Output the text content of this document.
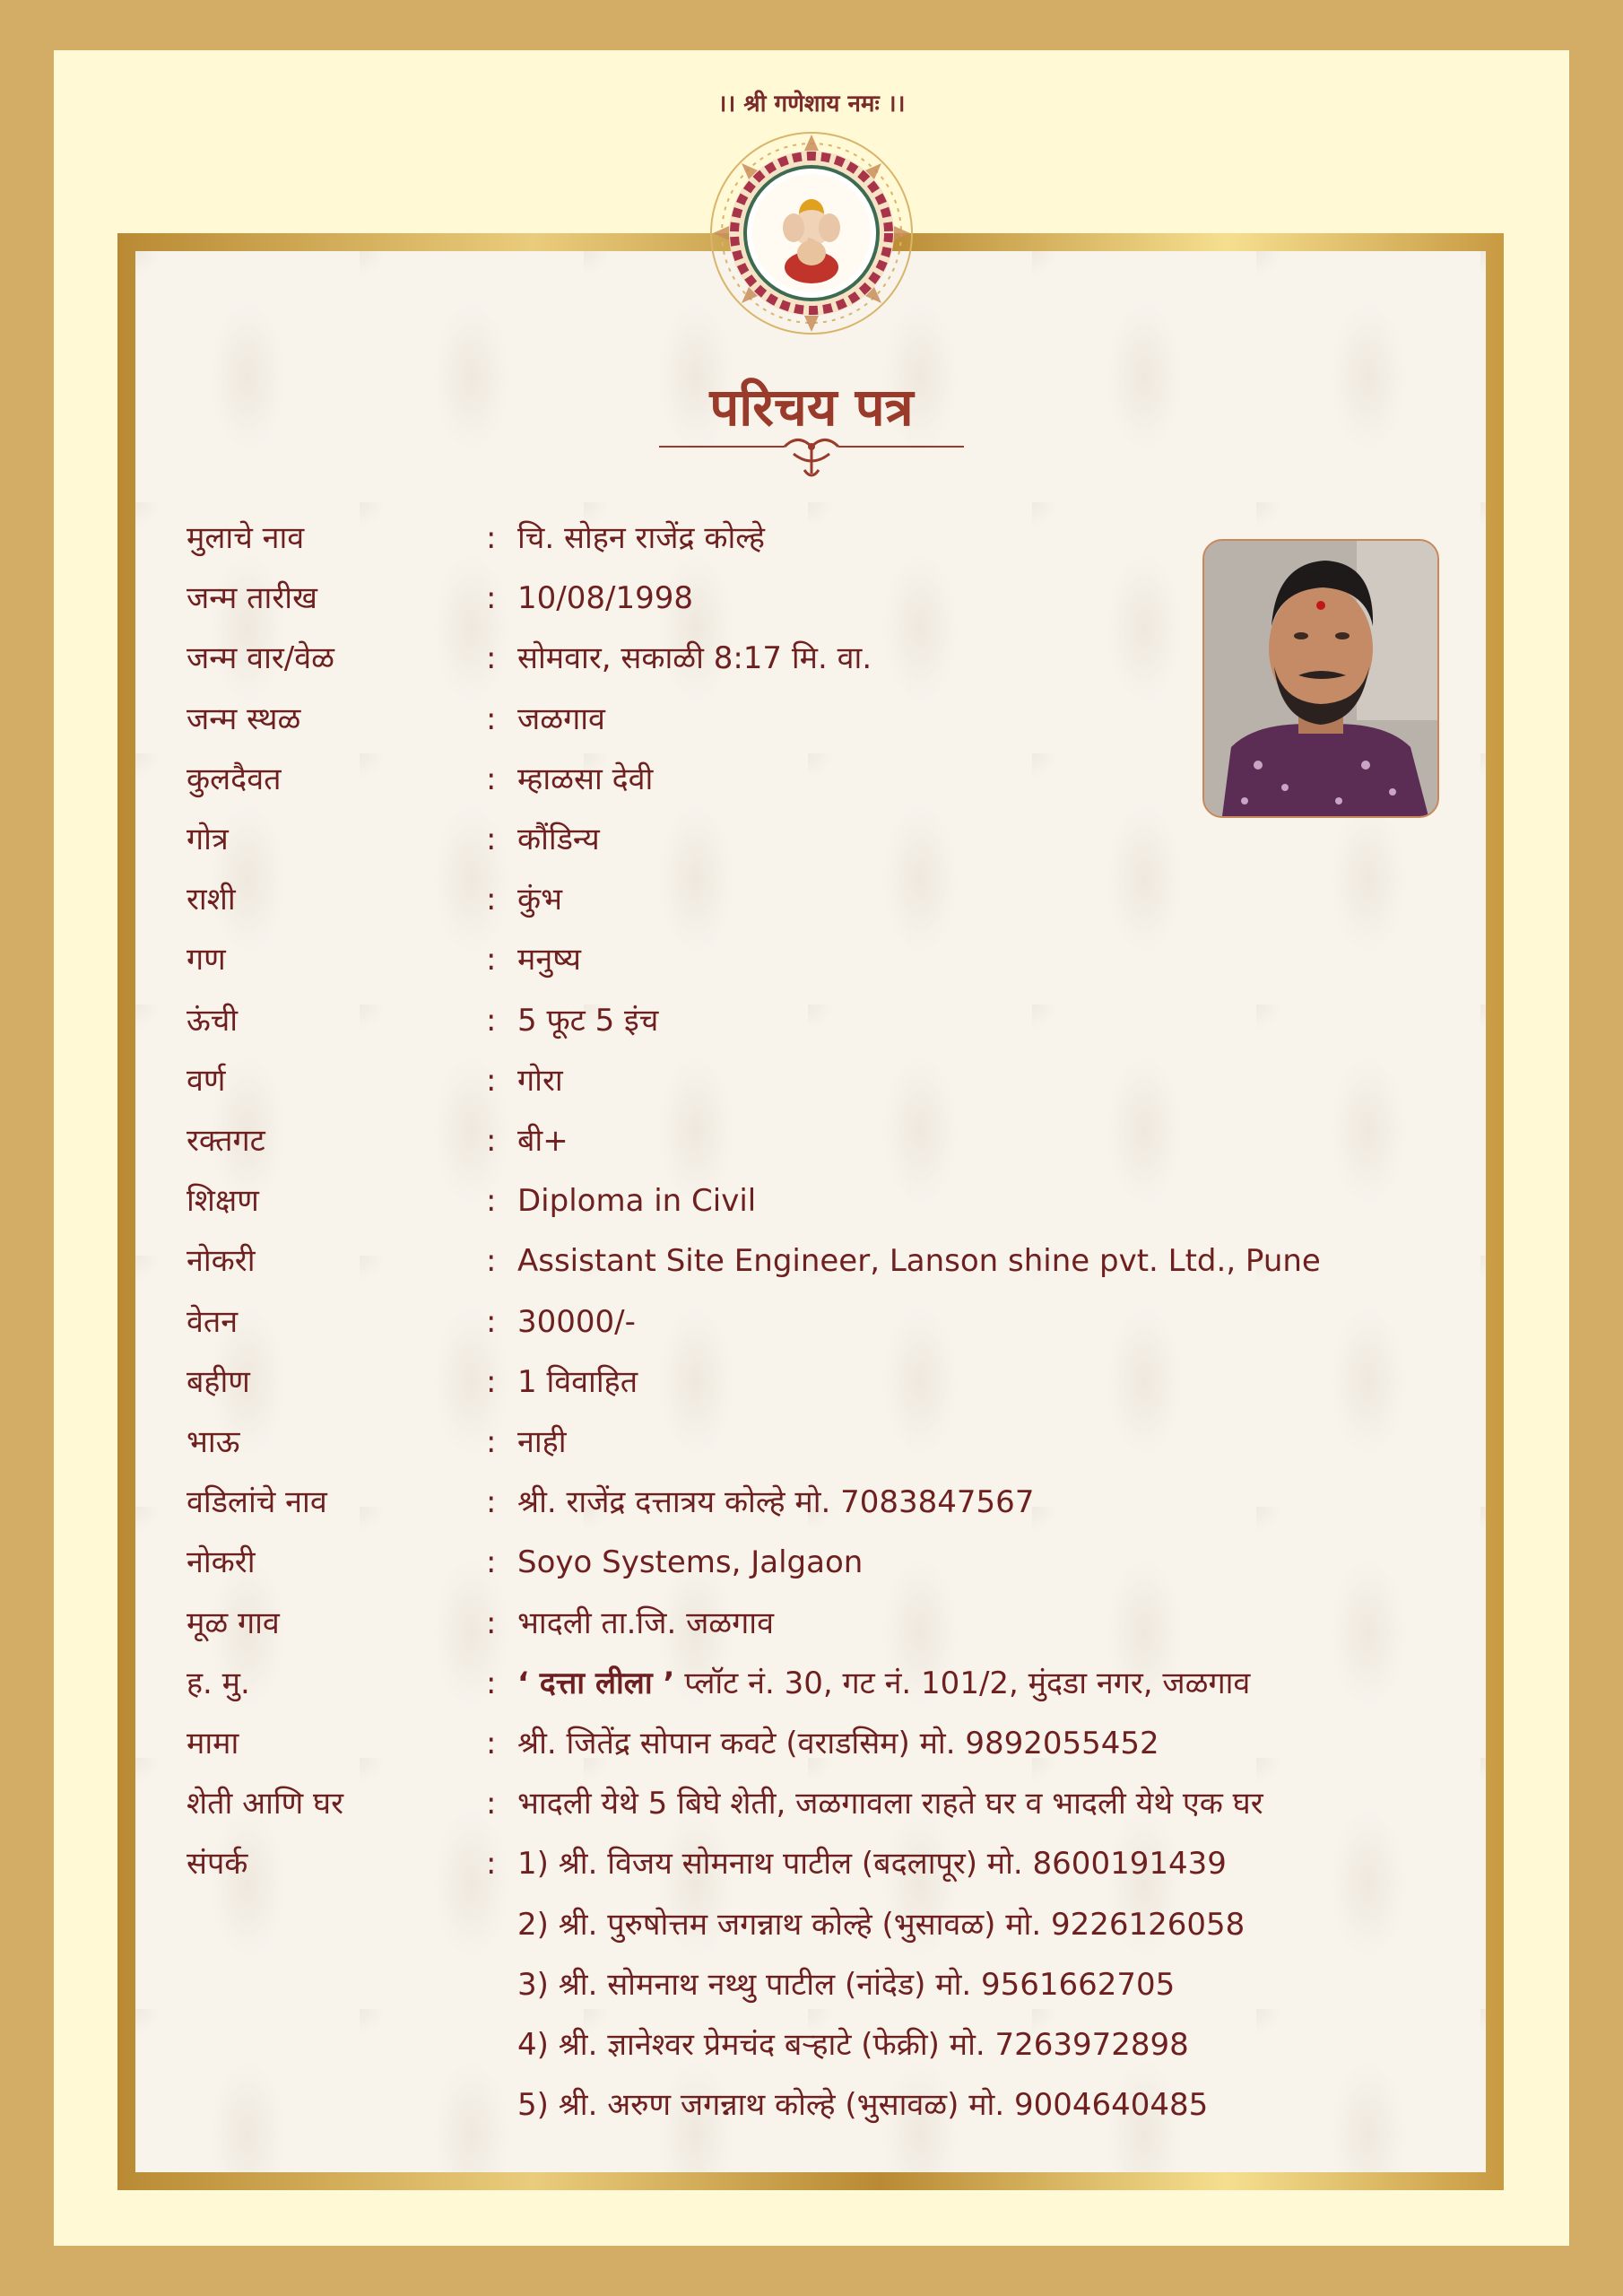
।। श्री गणेशाय नमः ।।
परिचय पत्र
मुलाचे नाव	: चि. सोहन राजेंद्र कोल्हे
जन्म तारीख	: 10/08/1998
जन्म वार/वेळ	: सोमवार, सकाळी 8:17 मि. वा.
जन्म स्थळ	: जळगाव
कुलदैवत	: म्हाळसा देवी
गोत्र	: कौंडिन्य
राशी	: कुंभ
गण	: मनुष्य
ऊंची	: 5 फूट 5 इंच
वर्ण	: गोरा
रक्तगट	: बी+
शिक्षण	: Diploma in Civil
नोकरी	: Assistant Site Engineer, Lanson shine pvt. Ltd., Pune
वेतन	: 30000/-
बहीण	: 1 विवाहित
भाऊ	: नाही
वडिलांचे नाव	: श्री. राजेंद्र दत्तात्रय कोल्हे मो. 7083847567
नोकरी	: Soyo Systems, Jalgaon
मूळ गाव	: भादली ता.जि. जळगाव
ह. मु.	: ‘ दत्ता लीला ’ प्लॉट नं. 30, गट नं. 101/2, मुंदडा नगर, जळगाव
मामा	: श्री. जितेंद्र सोपान कवटे (वराडसिम) मो. 9892055452
शेती आणि घर	: भादली येथे 5 बिघे शेती, जळगावला राहते घर व भादली येथे एक घर
संपर्क	: 1) श्री. विजय सोमनाथ पाटील (बदलापूर) मो. 8600191439
2) श्री. पुरुषोत्तम जगन्नाथ कोल्हे (भुसावळ) मो. 9226126058
3) श्री. सोमनाथ नथ्थु पाटील (नांदेड) मो. 9561662705
4) श्री. ज्ञानेश्वर प्रेमचंद बऱ्हाटे (फेक्री) मो. 7263972898
5) श्री. अरुण जगन्नाथ कोल्हे (भुसावळ) मो. 9004640485
